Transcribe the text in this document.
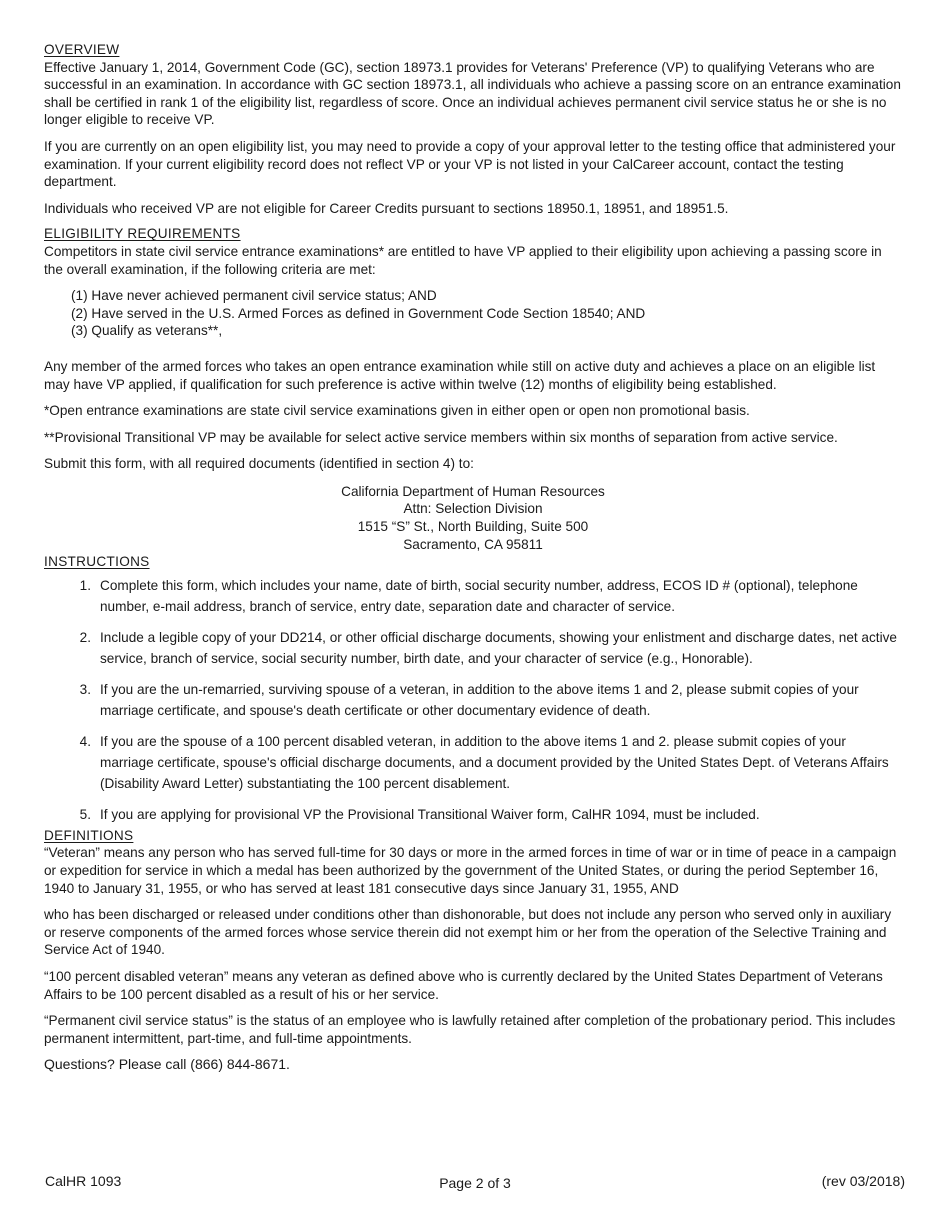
OVERVIEW

Effective January 1, 2014, Government Code (GC), section 18973.1 provides for Veterans' Preference (VP) to qualifying Veterans who are successful in an examination. In accordance with GC section 18973.1, all individuals who achieve a passing score on an entrance examination shall be certified in rank 1 of the eligibility list, regardless of score. Once an individual achieves permanent civil service status he or she is no longer eligible to receive VP.

If you are currently on an open eligibility list, you may need to provide a copy of your approval letter to the testing office that administered your examination. If your current eligibility record does not reflect VP or your VP is not listed in your CalCareer account, contact the testing department.

Individuals who received VP are not eligible for Career Credits pursuant to sections 18950.1, 18951, and 18951.5.

ELIGIBILITY REQUIREMENTS
Competitors in state civil service entrance examinations* are entitled to have VP applied to their eligibility upon achieving a passing score in the overall examination, if the following criteria are met:
(1) Have never achieved permanent civil service status; AND
(2) Have served in the U.S. Armed Forces as defined in Government Code Section 18540; AND
(3) Qualify as veterans**,

Any member of the armed forces who takes an open entrance examination while still on active duty and achieves a place on an eligible list may have VP applied, if qualification for such preference is active within twelve (12) months of eligibility being established.

*Open entrance examinations are state civil service examinations given in either open or open non promotional basis.

**Provisional Transitional VP may be available for select active service members within six months of separation from active service.

Submit this form, with all required documents (identified in section 4) to:
California Department of Human Resources
Attn: Selection Division
1515 “S” St., North Building, Suite 500
Sacramento, CA 95811
INSTRUCTIONS
1. Complete this form, which includes your name, date of birth, social security number, address, ECOS ID # (optional), telephone number, e-mail address, branch of service, entry date, separation date and character of service.
2. Include a legible copy of your DD214, or other official discharge documents, showing your enlistment and discharge dates, net active service, branch of service, social security number, birth date, and your character of service (e.g., Honorable).
3. If you are the un-remarried, surviving spouse of a veteran, in addition to the above items 1 and 2, please submit copies of your marriage certificate, and spouse's death certificate or other documentary evidence of death.
4. If you are the spouse of a 100 percent disabled veteran, in addition to the above items 1 and 2. please submit copies of your marriage certificate, spouse's official discharge documents, and a document provided by the United States Dept. of Veterans Affairs (Disability Award Letter) substantiating the 100 percent disablement.
5. If you are applying for provisional VP the Provisional Transitional Waiver form, CalHR 1094, must be included.
DEFINITIONS

“Veteran” means any person who has served full-time for 30 days or more in the armed forces in time of war or in time of peace in a campaign or expedition for service in which a medal has been authorized by the government of the United States, or during the period September 16, 1940 to January 31, 1955, or who has served at least 181 consecutive days since January 31, 1955, AND

who has been discharged or released under conditions other than dishonorable, but does not include any person who served only in auxiliary or reserve components of the armed forces whose service therein did not exempt him or her from the operation of the Selective Training and Service Act of 1940.

“100 percent disabled veteran” means any veteran as defined above who is currently declared by the United States Department of Veterans Affairs to be 100 percent disabled as a result of his or her service.

“Permanent civil service status” is the status of an employee who is lawfully retained after completion of the probationary period. This includes permanent intermittent, part-time, and full-time appointments.

Questions? Please call (866) 844-8671.
CalHR 1093	Page 2 of 3	(rev 03/2018)
